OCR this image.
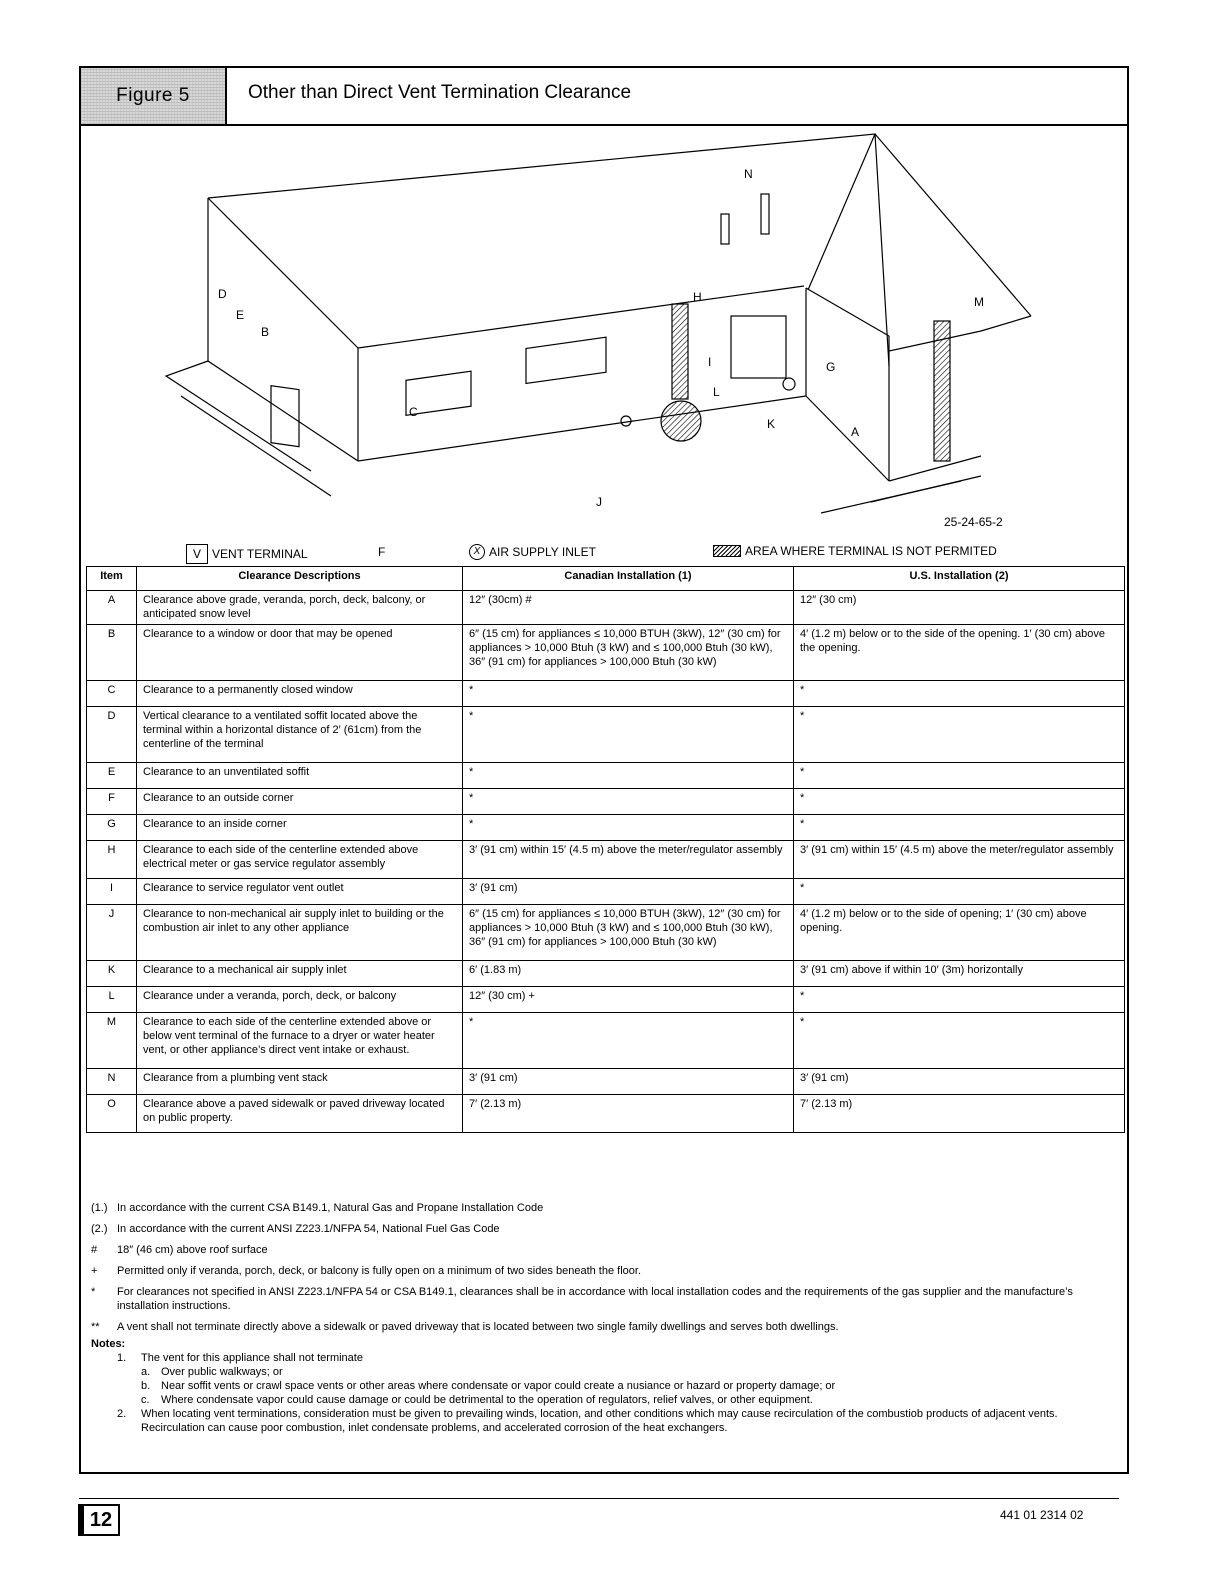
Figure 5	Other than Direct Vent Termination Clearance
N
H	M
D
E
B
G
A
K
I
L
C
F
J
25-24-65-2
V VENT TERMINAL	X AIR SUPPLY INLET	AREA WHERE TERMINAL IS NOT PERMITED
Item	Clearance Descriptions	Canadian Installation (1)	U.S. Installation (2)
A	Clearance above grade, veranda, porch, deck, balcony, or anticipated snow level	12″ (30cm) #	12″ (30 cm)
B	Clearance to a window or door that may be opened	6″ (15 cm) for appliances ≤ 10,000 BTUH (3kW), 12″ (30 cm) for appliances > 10,000 Btuh (3 kW) and ≤ 100,000 Btuh (30 kW), 36″ (91 cm) for appliances > 100,000 Btuh (30 kW)	4′ (1.2 m) below or to the side of the opening. 1′ (30 cm) above the opening.
C	Clearance to a permanently closed window	*	*
D	Vertical clearance to a ventilated soffit located above the terminal within a horizontal distance of 2′ (61cm) from the centerline of the terminal	*	*
E	Clearance to an unventilated soffit	*	*
F	Clearance to an outside corner	*	*
G	Clearance to an inside corner	*	*
H	Clearance to each side of the centerline extended above electrical meter or gas service regulator assembly	3′ (91 cm) within 15′ (4.5 m) above the meter/regulator assembly	3′ (91 cm) within 15′ (4.5 m) above the meter/regulator assembly
I	Clearance to service regulator vent outlet	3′ (91 cm)	*
J	Clearance to non-mechanical air supply inlet to building or the combustion air inlet to any other appliance	6″ (15 cm) for appliances ≤ 10,000 BTUH (3kW), 12″ (30 cm) for appliances > 10,000 Btuh (3 kW) and ≤ 100,000 Btuh (30 kW), 36″ (91 cm) for appliances > 100,000 Btuh (30 kW)	4′ (1.2 m) below or to the side of opening; 1′ (30 cm) above opening.
K	Clearance to a mechanical air supply inlet	6′ (1.83 m)	3′ (91 cm) above if within 10′ (3m) horizontally
L	Clearance under a veranda, porch, deck, or balcony	12″ (30 cm) +	*
M	Clearance to each side of the centerline extended above or below vent terminal of the furnace to a dryer or water heater vent, or other appliance’s direct vent intake or exhaust.	*	*
N	Clearance from a plumbing vent stack	3′ (91 cm)	3′ (91 cm)
O	Clearance above a paved sidewalk or paved driveway located on public property.	7′ (2.13 m)	7′ (2.13 m)
(1.) In accordance with the current CSA B149.1, Natural Gas and Propane Installation Code
(2.) In accordance with the current ANSI Z223.1/NFPA 54, National Fuel Gas Code
#	18″ (46 cm) above roof surface
+	Permitted only if veranda, porch, deck, or balcony is fully open on a minimum of two sides beneath the floor.
*	For clearances not specified in ANSI Z223.1/NFPA 54 or CSA B149.1, clearances shall be in accordance with local installation codes and the requirements of the gas supplier and the manufacture’s installation instructions.
**	A vent shall not terminate directly above a sidewalk or paved driveway that is located between two single family dwellings and serves both dwellings.
Notes:
1.	The vent for this appliance shall not terminate
a. Over public walkways; or
b. Near soffit vents or crawl space vents or other areas where condensate or vapor could create a nusiance or hazard or property damage; or
c.	Where condensate vapor could cause damage or could be detrimental to the operation of regulators, relief valves, or other equipment.
2.	When locating vent terminations, consideration must be given to prevailing winds, location, and other conditions which may cause recirculation of the combustiob products of adjacent vents. Recirculation can cause poor combustion, inlet condensate problems, and accelerated corrosion of the heat exchangers.
12	441 01 2314 02
